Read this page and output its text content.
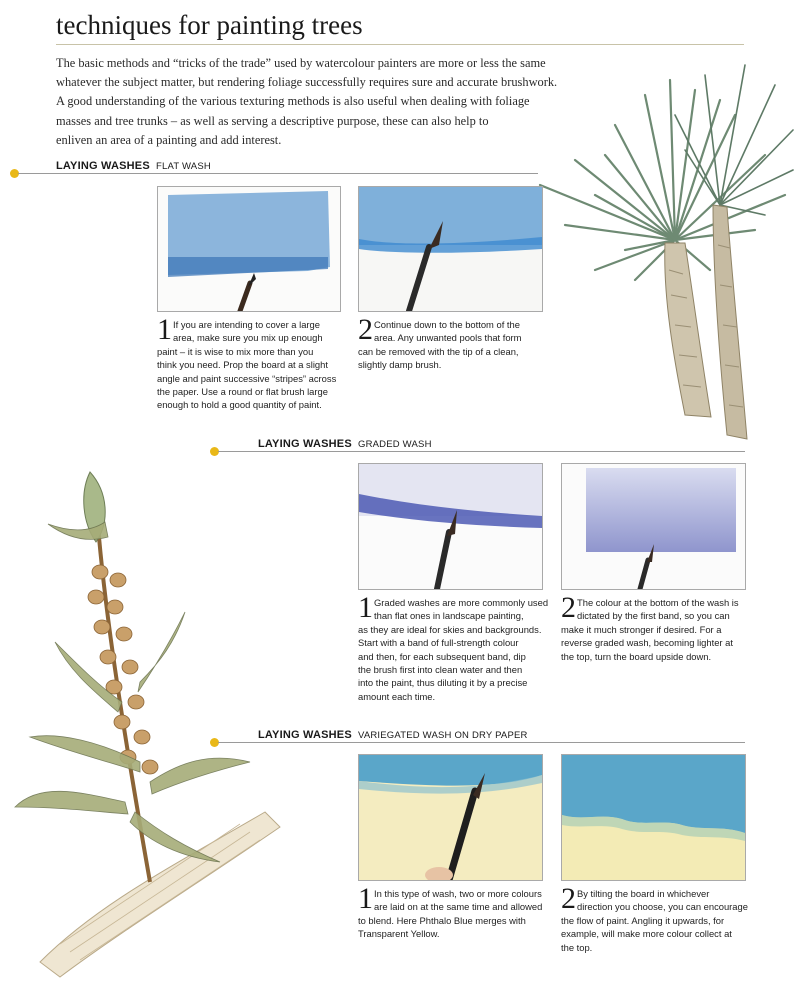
techniques for painting trees

The basic methods and “tricks of the trade” used by watercolour painters are more or less the same
whatever the subject matter, but rendering foliage successfully requires sure and accurate brushwork.
A good understanding of the various texturing methods is also useful when dealing with foliage
masses and tree trunks – as well as serving a descriptive purpose, these can also help to
enliven an area of a painting and add interest.

LAYING WASHES FLAT WASH
1 If you are intending to cover a large
area, make sure you mix up enough
paint – it is wise to mix more than you
think you need. Prop the board at a slight
angle and paint successive “stripes” across
the paper. Use a round or flat brush large
enough to hold a good quantity of paint.
2 Continue down to the bottom of the
area. Any unwanted pools that form
can be removed with the tip of a clean,
slightly damp brush.
LAYING WASHES GRADED WASH
1 Graded washes are more commonly used
than flat ones in landscape painting,
as they are ideal for skies and backgrounds.
Start with a band of full-strength colour
and then, for each subsequent band, dip
the brush first into clean water and then
into the paint, thus diluting it by a precise
amount each time.
2 The colour at the bottom of the wash is
dictated by the first band, so you can
make it much stronger if desired. For a
reverse graded wash, becoming lighter at
the top, turn the board upside down.
LAYING WASHES VARIEGATED WASH ON DRY PAPER
1 In this type of wash, two or more colours
are laid on at the same time and allowed
to blend. Here Phthalo Blue merges with
Transparent Yellow.
2 By tilting the board in whichever
direction you choose, you can encourage
the flow of paint. Angling it upwards, for
example, will make more colour collect at
the top.
